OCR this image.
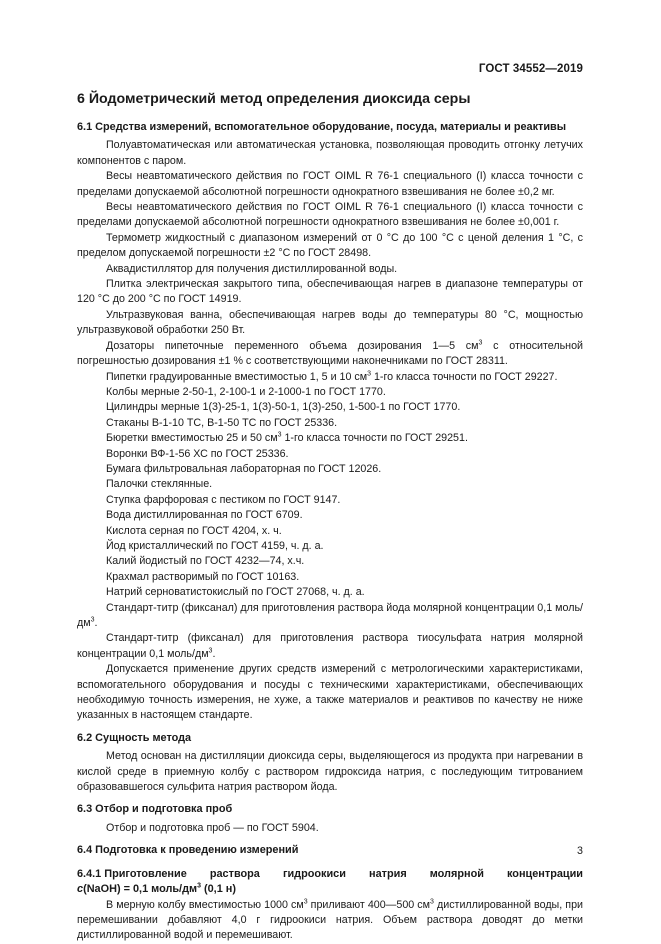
ГОСТ 34552—2019
6 Йодометрический метод определения диоксида серы
6.1 Средства измерений, вспомогательное оборудование, посуда, материалы и реактивы

Полуавтоматическая или автоматическая установка, позволяющая проводить отгонку летучих компонентов с паром.

Весы неавтоматического действия по ГОСТ OIML R 76-1 специального (I) класса точности с пределами допускаемой абсолютной погрешности однократного взвешивания не более ±0,2 мг.

Весы неавтоматического действия по ГОСТ OIML R 76-1 специального (I) класса точности с пределами допускаемой абсолютной погрешности однократного взвешивания не более ±0,001 г.

Термометр жидкостный с диапазоном измерений от 0 °С до 100 °С с ценой деления 1 °С, с пределом допускаемой погрешности ±2 °С по ГОСТ 28498.

Аквадистиллятор для получения дистиллированной воды.

Плитка электрическая закрытого типа, обеспечивающая нагрев в диапазоне температуры от 120 °С до 200 °С по ГОСТ 14919.

Ультразвуковая ванна, обеспечивающая нагрев воды до температуры 80 °С, мощностью ультразвуковой обработки 250 Вт.

Дозаторы пипеточные переменного объема дозирования 1—5 $см^3$ с относительной погрешностью дозирования ±1 % с соответствующими наконечниками по ГОСТ 28311.

Пипетки градуированные вместимостью 1, 5 и 10 $см^3$ 1-го класса точности по ГОСТ 29227.

Колбы мерные 2-50-1, 2-100-1 и 2-1000-1 по ГОСТ 1770.

Цилиндры мерные 1(3)-25-1, 1(3)-50-1, 1(3)-250, 1-500-1 по ГОСТ 1770.

Стаканы В-1-10 ТС, В-1-50 ТС по ГОСТ 25336.

Бюретки вместимостью 25 и 50 $см^3$ 1-го класса точности по ГОСТ 29251.

Воронки ВФ-1-56 ХС по ГОСТ 25336.

Бумага фильтровальная лабораторная по ГОСТ 12026.

Палочки стеклянные.

Ступка фарфоровая с пестиком по ГОСТ 9147.

Вода дистиллированная по ГОСТ 6709.

Кислота серная по ГОСТ 4204, х. ч.

Йод кристаллический по ГОСТ 4159, ч. д. а.

Калий йодистый по ГОСТ 4232—74, х.ч.

Крахмал растворимый по ГОСТ 10163.

Натрий серноватистокислый по ГОСТ 27068, ч. д. а.

Стандарт-титр (фиксанал) для приготовления раствора йода молярной концентрации 0,1 моль/$дм^3$.

Стандарт-титр (фиксанал) для приготовления раствора тиосульфата натрия молярной концентрации 0,1 моль/$дм^3$.

Допускается применение других средств измерений с метрологическими характеристиками, вспомогательного оборудования и посуды с техническими характеристиками, обеспечивающих необходимую точность измерения, не хуже, а также материалов и реактивов по качеству не ниже указанных в настоящем стандарте.

6.2 Сущность метода

Метод основан на дистилляции диоксида серы, выделяющегося из продукта при нагревании в кислой среде в приемную колбу с раствором гидроксида натрия, с последующим титрованием образовавшегося сульфита натрия раствором йода.

6.3 Отбор и подготовка проб

Отбор и подготовка проб — по ГОСТ 5904.

6.4 Подготовка к проведению измерений
6.4.1 Приготовление раствора гидроокиси натрия молярной концентрации
c(NaOH) = 0,1 моль/$дм^3$ (0,1 н)

В мерную колбу вместимостью 1000 $см^3$ приливают 400—500 $см^3$ дистиллированной воды, при перемешивании добавляют 4,0 г гидроокиси натрия. Объем раствора доводят до метки дистиллированной водой и перемешивают.

3
